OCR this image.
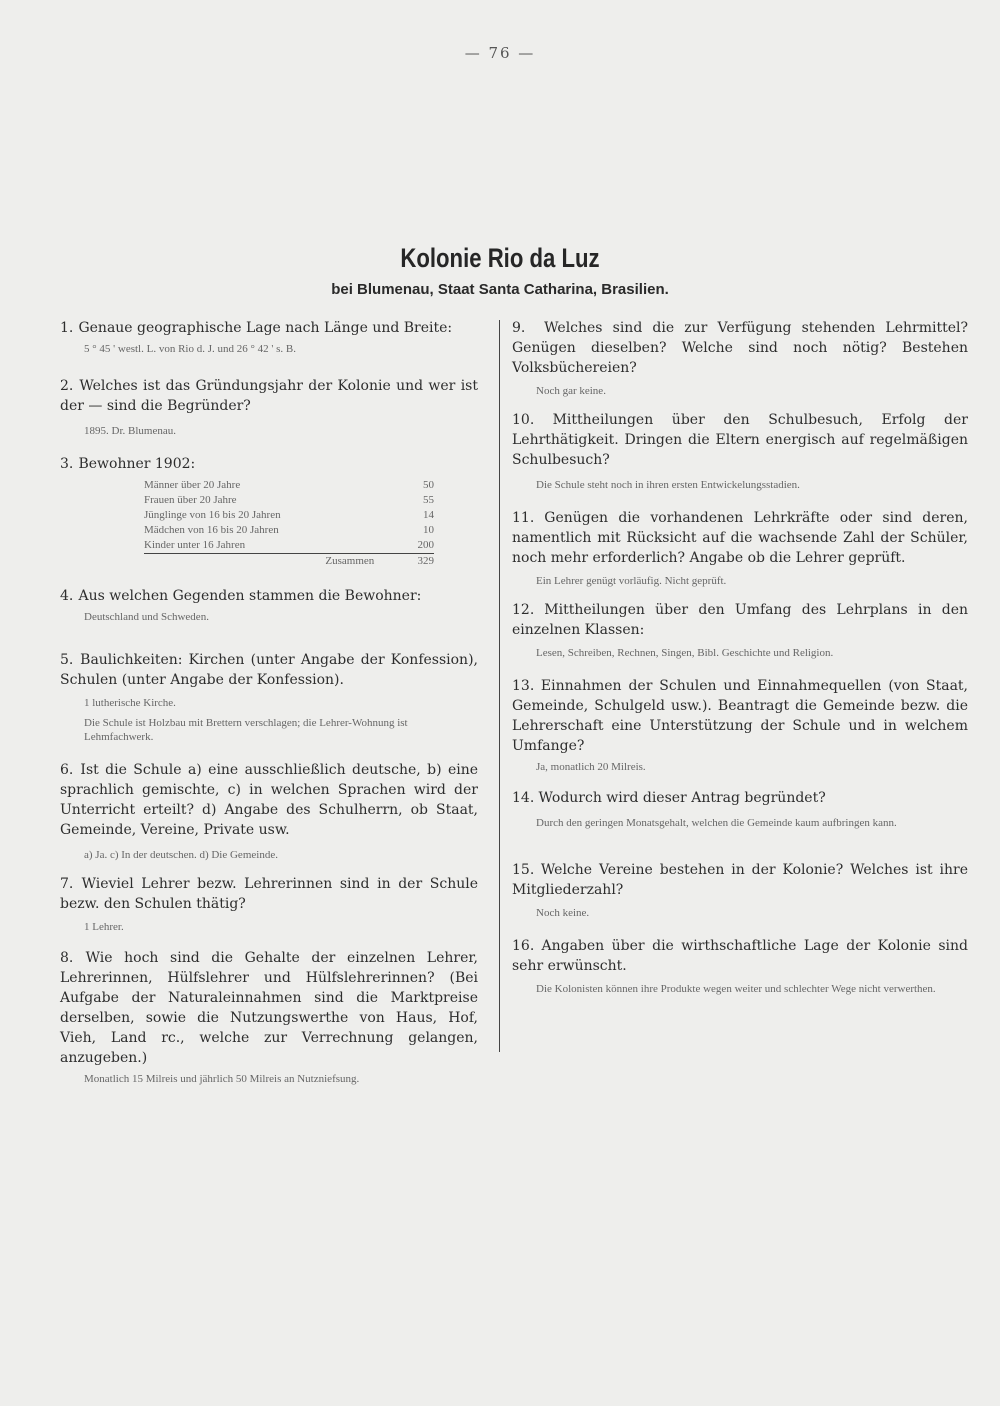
— 76 —
Kolonie Rio da Luz
bei Blumenau, Staat Santa Catharina, Brasilien.

1. Genaue geographische Lage nach Länge und Breite:

5 ° 45 ' westl. L. von Rio d. J. und 26 ° 42 ' s. B.

2. Welches ist das Gründungsjahr der Kolonie und wer ist der — sind die Begründer?

1895. Dr. Blumenau.

3. Bewohner 1902:

Männer über 20 Jahre	50
Frauen über 20 Jahre	55
Jünglinge von 16 bis 20 Jahren	14
Mädchen von 16 bis 20 Jahren	10
Kinder unter 16 Jahren	200
Zusammen	329

4. Aus welchen Gegenden stammen die Bewohner:

Deutschland und Schweden.

5. Baulichkeiten: Kirchen (unter Angabe der Konfession), Schulen (unter Angabe der Konfession).

1 lutherische Kirche.
Die Schule ist Holzbau mit Brettern verschlagen; die Lehrer-Wohnung ist Lehmfachwerk.

6. Ist die Schule a) eine ausschließlich deutsche, b) eine sprachlich gemischte, c) in welchen Sprachen wird der Unterricht erteilt? d) Angabe des Schulherrn, ob Staat, Gemeinde, Vereine, Private usw.

a) Ja. c) In der deutschen. d) Die Gemeinde.

7. Wieviel Lehrer bezw. Lehrerinnen sind in der Schule bezw. den Schulen thätig?

1 Lehrer.

8. Wie hoch sind die Gehalte der einzelnen Lehrer, Lehrerinnen, Hülfslehrer und Hülfslehrerinnen? (Bei Aufgabe der Naturaleinnahmen sind die Marktpreise derselben, sowie die Nutzungswerthe von Haus, Hof, Vieh, Land rc., welche zur Verrechnung gelangen, anzugeben.)

Monatlich 15 Milreis und jährlich 50 Milreis an Nutzniefsung.

9. Welches sind die zur Verfügung stehenden Lehrmittel? Genügen dieselben? Welche sind noch nötig? Bestehen Volksbüchereien?

Noch gar keine.

10. Mittheilungen über den Schulbesuch, Erfolg der Lehrthätigkeit. Dringen die Eltern energisch auf regelmäßigen Schulbesuch?

Die Schule steht noch in ihren ersten Entwickelungsstadien.

11. Genügen die vorhandenen Lehrkräfte oder sind deren, namentlich mit Rücksicht auf die wachsende Zahl der Schüler, noch mehr erforderlich? Angabe ob die Lehrer geprüft.

Ein Lehrer genügt vorläufig. Nicht geprüft.

12. Mittheilungen über den Umfang des Lehrplans in den einzelnen Klassen:

Lesen, Schreiben, Rechnen, Singen, Bibl. Geschichte und Religion.

13. Einnahmen der Schulen und Einnahmequellen (von Staat, Gemeinde, Schulgeld usw.). Beantragt die Gemeinde bezw. die Lehrerschaft eine Unterstützung der Schule und in welchem Umfange?

Ja, monatlich 20 Milreis.

14. Wodurch wird dieser Antrag begründet?

Durch den geringen Monatsgehalt, welchen die Gemeinde kaum aufbringen kann.

15. Welche Vereine bestehen in der Kolonie? Welches ist ihre Mitgliederzahl?

Noch keine.

16. Angaben über die wirthschaftliche Lage der Kolonie sind sehr erwünscht.

Die Kolonisten können ihre Produkte wegen weiter und schlechter Wege nicht verwerthen.
